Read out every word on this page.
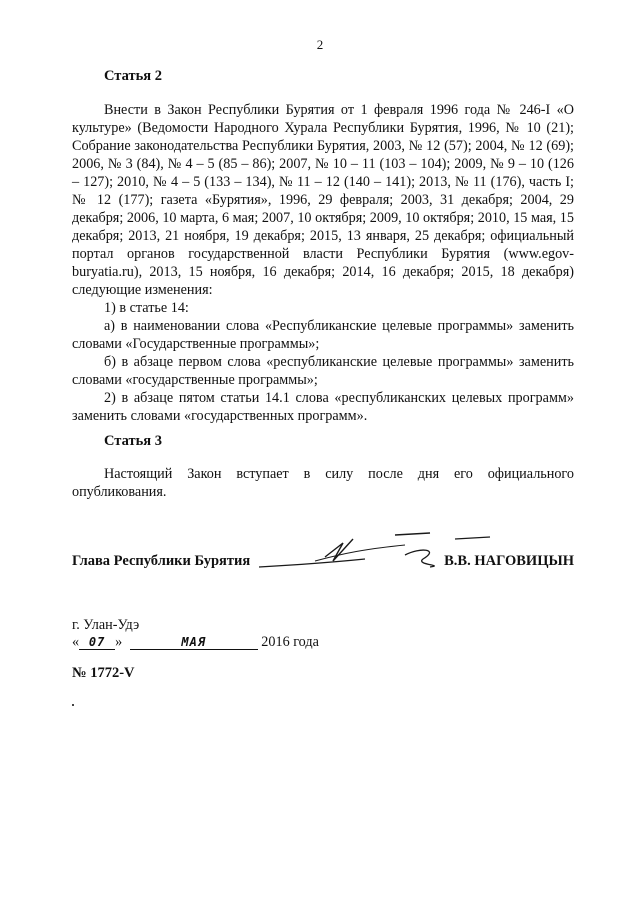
2
Статья 2

Внести в Закон Республики Бурятия от 1 февраля 1996 года № 246-I «О культуре» (Ведомости Народного Хурала Республики Бурятия, 1996, № 10 (21); Собрание законодательства Республики Бурятия, 2003, № 12 (57); 2004, № 12 (69); 2006, № 3 (84), № 4 – 5 (85 – 86); 2007, № 10 – 11 (103 – 104); 2009, № 9 – 10 (126 – 127); 2010, № 4 – 5 (133 – 134), № 11 – 12 (140 – 141); 2013, № 11 (176), часть I; № 12 (177); газета «Бурятия», 1996, 29 февраля; 2003, 31 декабря; 2004, 29 декабря; 2006, 10 марта, 6 мая; 2007, 10 октября; 2009, 10 октября; 2010, 15 мая, 15 декабря; 2013, 21 ноября, 19 декабря; 2015, 13 января, 25 декабря; официальный портал органов государственной власти Республики Бурятия (www.egov-buryatia.ru), 2013, 15 ноября, 16 декабря; 2014, 16 декабря; 2015, 18 декабря) следующие изменения:

1) в статье 14:

а) в наименовании слова «Республиканские целевые программы» заменить словами «Государственные программы»;

б) в абзаце первом слова «республиканские целевые программы» заменить словами «государственные программы»;

2) в абзаце пятом статьи 14.1 слова «республиканских целевых программ» заменить словами «государственных программ».

Статья 3

Настоящий Закон вступает в силу после дня его официального опубликования.

Глава Республики Бурятия	В.В. НАГОВИЦЫН
г. Улан-Удэ
« 07 »	МАЯ	2016 года
№ 1772-V
